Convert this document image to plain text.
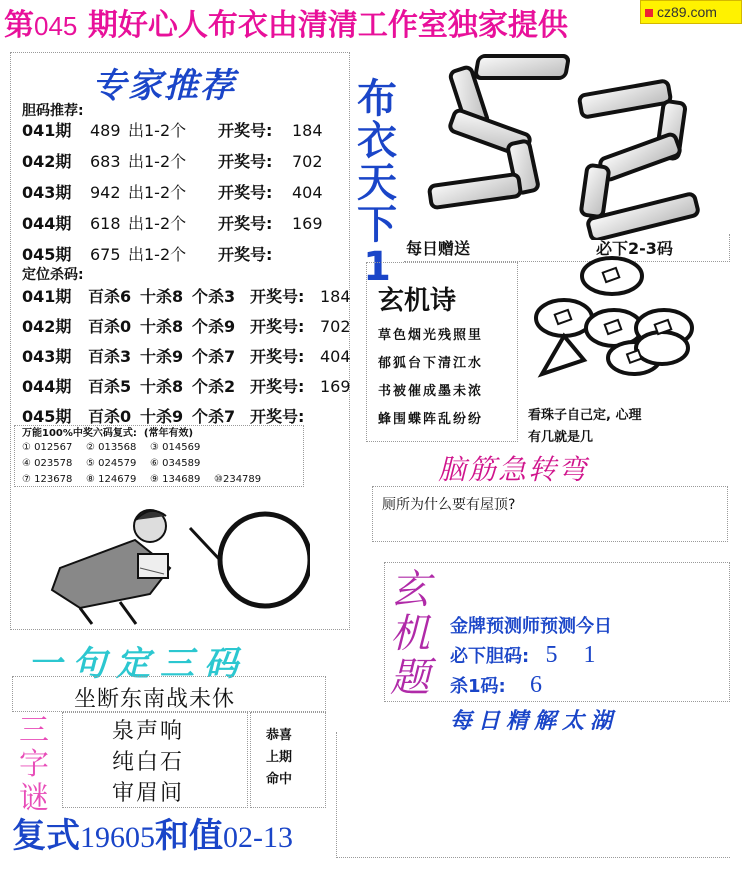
第045 期好心人布衣由清清工作室独家提供	cz89.com
专家推荐
胆码推荐:
041期 489 出1-2个 开奖号: 184
042期 683 出1-2个 开奖号: 702
043期 942 出1-2个 开奖号: 404
044期 618 出1-2个 开奖号: 169
045期 675 出1-2个 开奖号:
定位杀码:
041期 百杀6 十杀8 个杀3 开奖号: 184
042期 百杀0 十杀8 个杀9 开奖号: 702
043期 百杀3 十杀9 个杀7 开奖号: 404
044期 百杀5 十杀8 个杀2 开奖号: 169
045期 百杀0 十杀9 个杀7 开奖号:
万能100%中奖六码复式: (常年有效)
① 012567 ② 013568 ③ 014569
④ 023578 ⑤ 024579 ⑥ 034589
⑦ 123678 ⑧ 124679 ⑨ 134689 ⑩234789
布
衣
天
下
1 每日赠送	必下2-3码
玄机诗
草色烟光残照里
郁狐台下清江水
书被催成墨未浓
蜂围蝶阵乱纷纷	看珠子自己定, 心理
有几就是几
脑筋急转弯
厕所为什么要有屋顶?
玄
机
题
金牌预测师预测今日
必下胆码: 5 1
杀1码: 6
每日精解太湖
一句定三码
坐断东南战未休
三
字
谜
泉声响
纯白石
审眉间
恭喜
上期
命中
复式19605和值02-13
